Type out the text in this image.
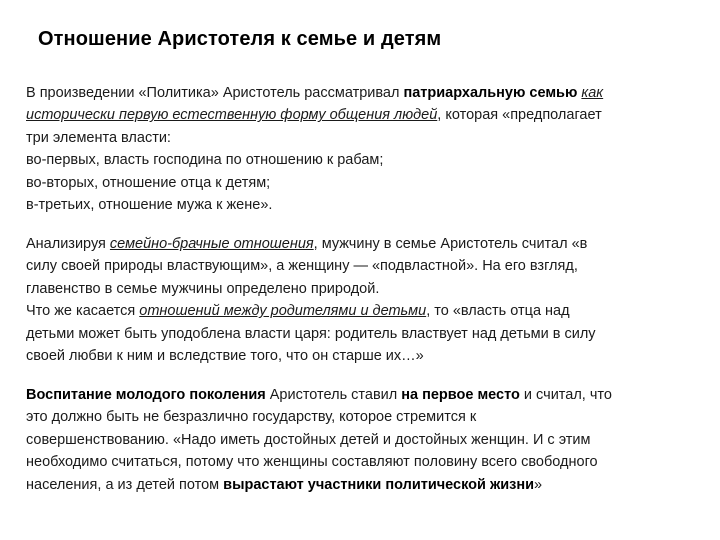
Отношение Аристотеля к семье и детям
В произведении «Политика» Аристотель рассматривал патриархальную семью как
исторически первую естественную форму общения людей, которая «предполагает
три элемента власти:
во-первых, власть господина по отношению к рабам;
во-вторых, отношение отца к детям;
в-третьих, отношение мужа к жене».
Анализируя семейно-брачные отношения, мужчину в семье Аристотель считал «в
силу своей природы властвующим», а женщину — «подвластной». На его взгляд,
главенство в семье мужчины определено природой.
Что же касается отношений между родителями и детьми, то «власть отца над
детьми может быть уподоблена власти царя: родитель властвует над детьми в силу
своей любви к ним и вследствие того, что он старше их…»
Воспитание молодого поколения Аристотель ставил на первое место и считал, что
это должно быть не безразлично государству, которое стремится к
совершенствованию. «Надо иметь достойных детей и достойных женщин. И с этим
необходимо считаться, потому что женщины составляют половину всего свободного
населения, а из детей потом вырастают участники политической жизни»
